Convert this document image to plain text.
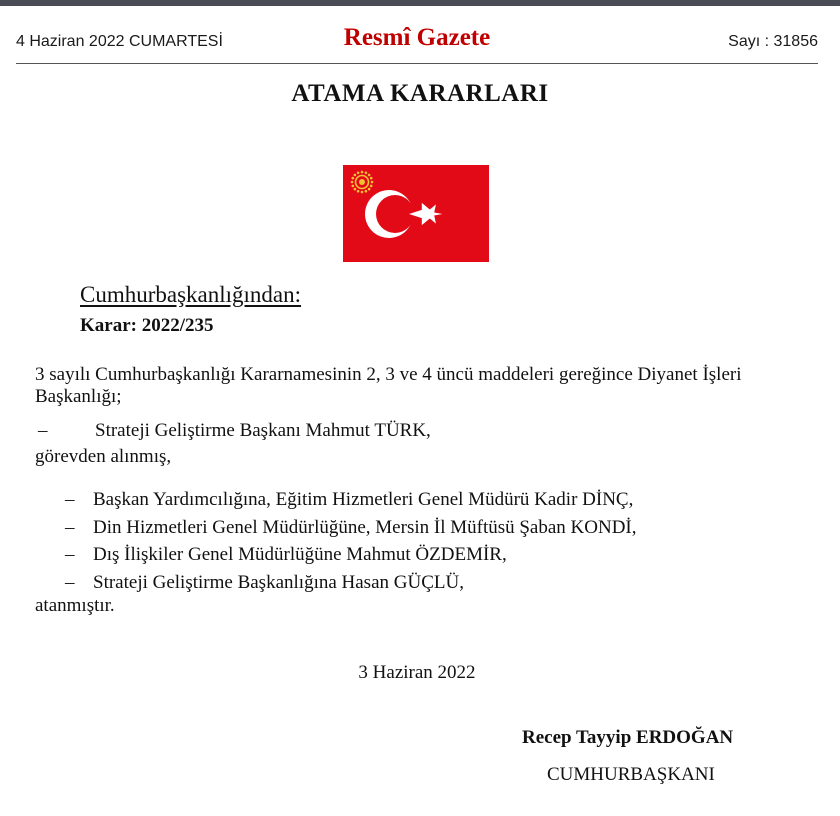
4 Haziran 2022 CUMARTESİ	Resmî Gazete	Sayı : 31856
ATAMA KARARLARI
Cumhurbaşkanlığından:
Karar: 2022/235
3 sayılı Cumhurbaşkanlığı Kararnamesinin 2, 3 ve 4 üncü maddeleri gereğince Diyanet İşleri Başkanlığı;
–	Strateji Geliştirme Başkanı Mahmut TÜRK,
görevden alınmış,
– Başkan Yardımcılığına, Eğitim Hizmetleri Genel Müdürü Kadir DİNÇ,
– Din Hizmetleri Genel Müdürlüğüne, Mersin İl Müftüsü Şaban KONDİ,
– Dış İlişkiler Genel Müdürlüğüne Mahmut ÖZDEMİR,
– Strateji Geliştirme Başkanlığına Hasan GÜÇLÜ,
atanmıştır.
3 Haziran 2022
Recep Tayyip ERDOĞAN
CUMHURBAŞKANI
